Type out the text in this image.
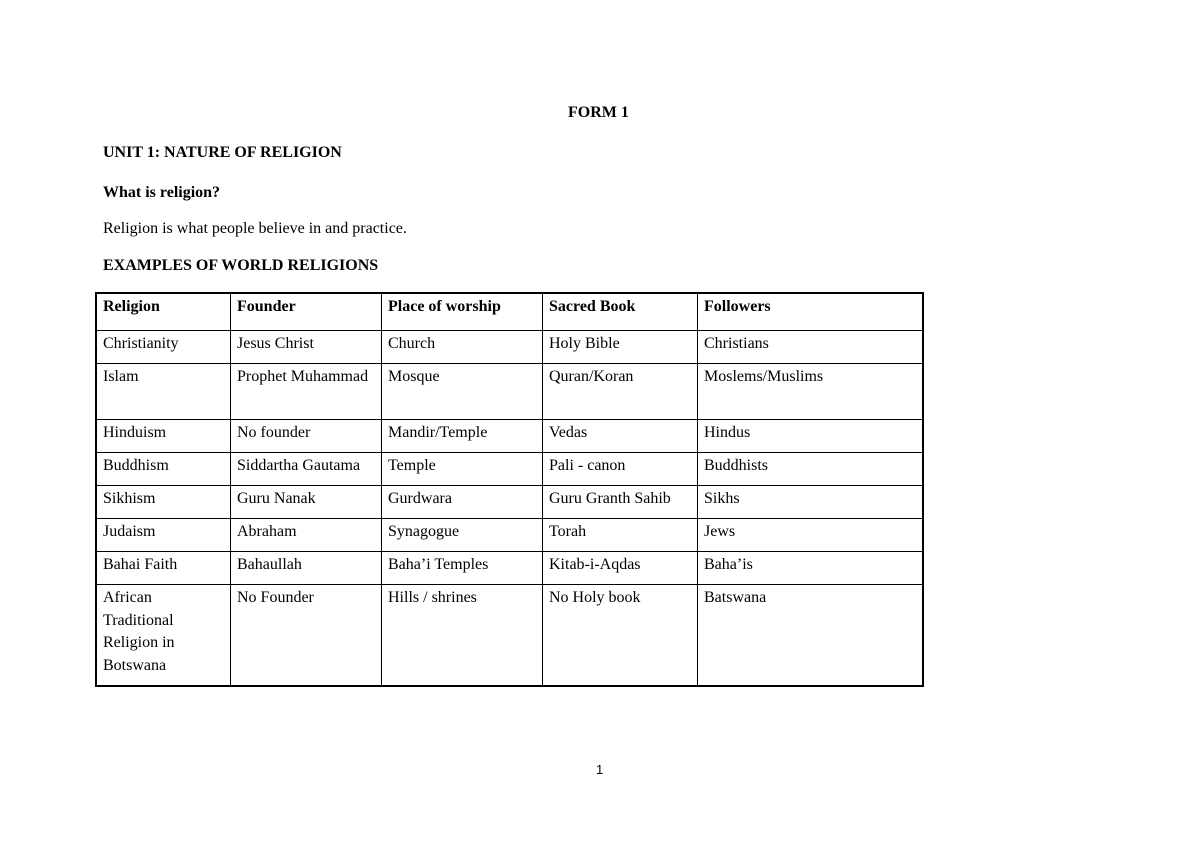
FORM 1
UNIT 1: NATURE OF RELIGION
What is religion?
Religion is what people believe in and practice.
EXAMPLES OF WORLD RELIGIONS
Religion	Founder	Place of worship	Sacred Book	Followers
Christianity	Jesus Christ	Church	Holy Bible	Christians
Islam	Prophet Muhammad	Mosque	Quran/Koran	Moslems/Muslims
Hinduism	No founder	Mandir/Temple	Vedas	Hindus
Buddhism	Siddartha Gautama	Temple	Pali - canon	Buddhists
Sikhism	Guru Nanak	Gurdwara	Guru Granth Sahib	Sikhs
Judaism	Abraham	Synagogue	Torah	Jews
Bahai Faith	Bahaullah	Baha’i Temples	Kitab-i-Aqdas	Baha’is
African Traditional Religion in Botswana	No Founder	Hills / shrines	No Holy book	Batswana
1
